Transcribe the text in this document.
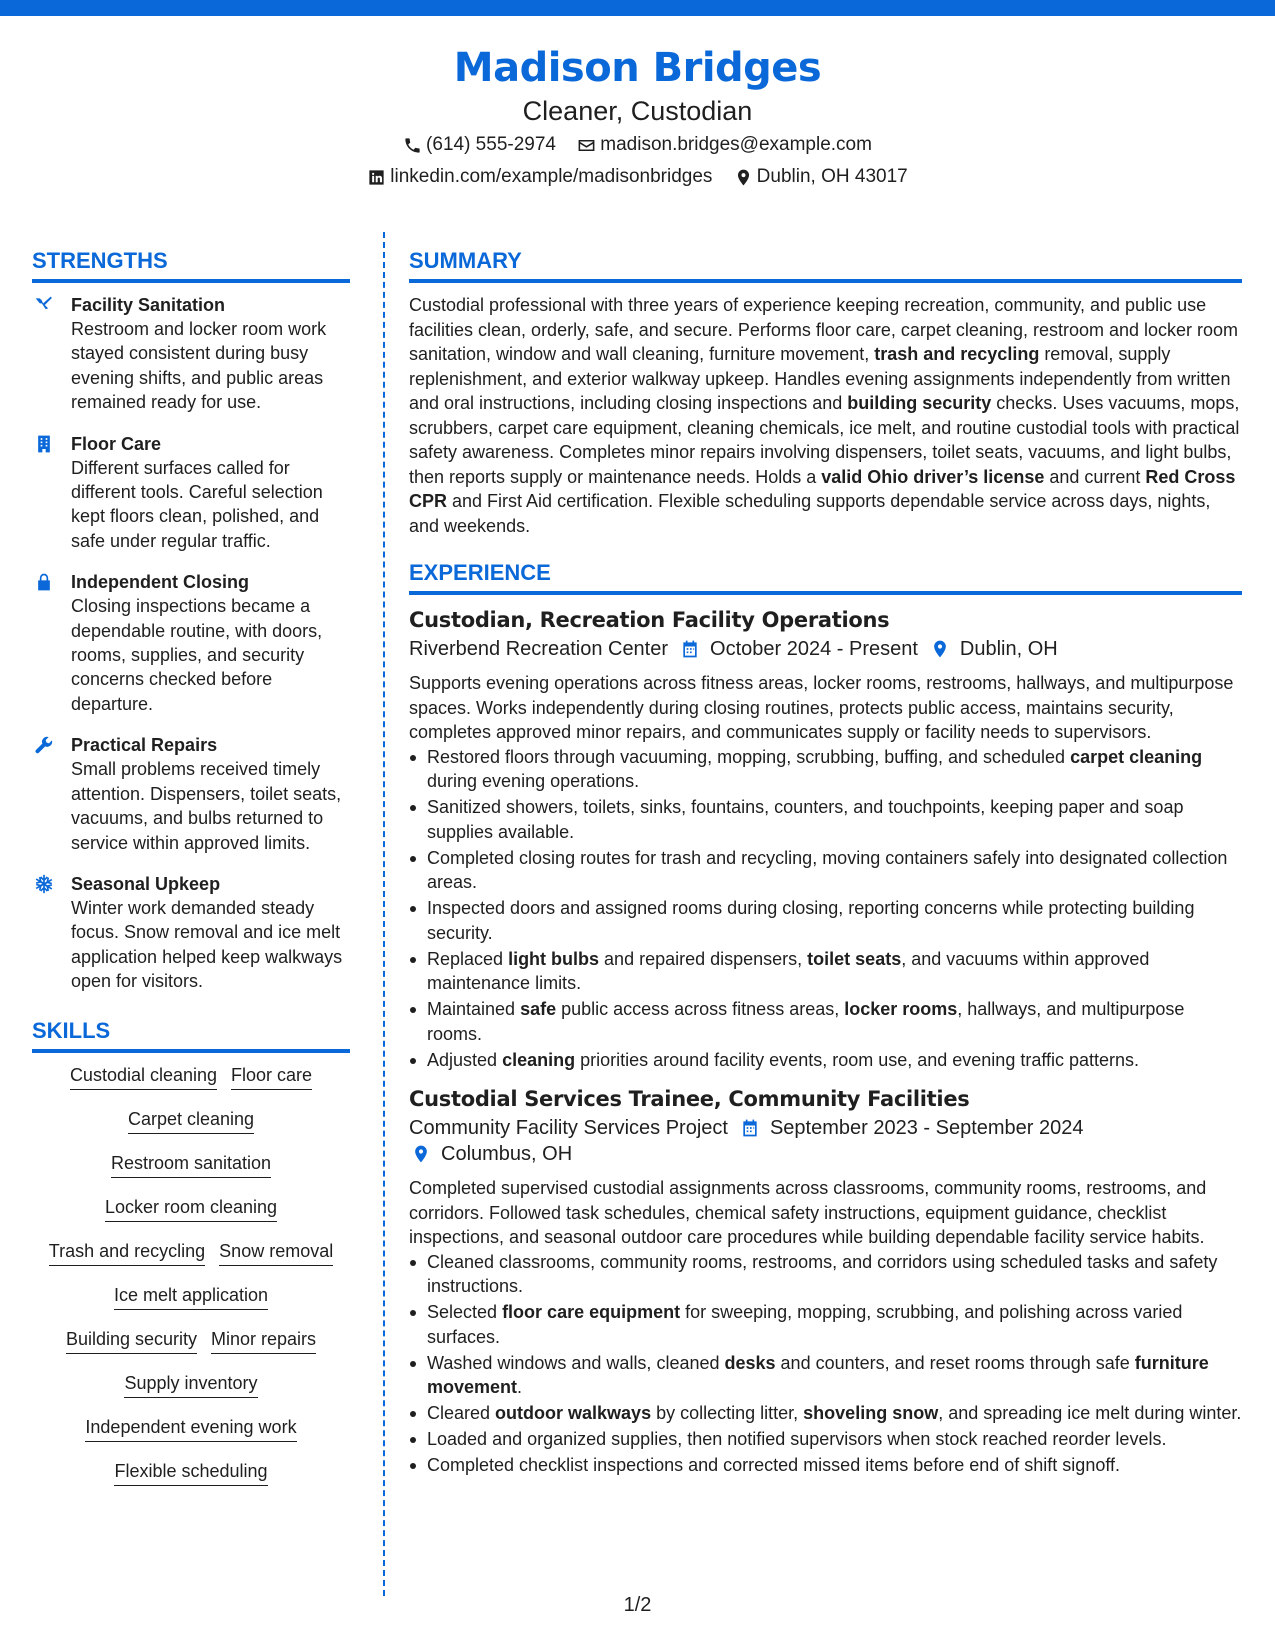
Madison Bridges
Cleaner, Custodian
(614) 555-2974
madison.bridges@example.com
linkedin.com/example/madisonbridges
Dublin, OH 43017
STRENGTHS
Facility Sanitation
Restroom and locker room work stayed consistent during busy evening shifts, and public areas remained ready for use.
Floor Care
Different surfaces called for different tools. Careful selection kept floors clean, polished, and safe under regular traffic.
Independent Closing
Closing inspections became a dependable routine, with doors, rooms, supplies, and security concerns checked before departure.
Practical Repairs
Small problems received timely attention. Dispensers, toilet seats, vacuums, and bulbs returned to service within approved limits.
Seasonal Upkeep
Winter work demanded steady focus. Snow removal and ice melt application helped keep walkways open for visitors.
SKILLS
Custodial cleaning Floor care
Carpet cleaning
Restroom sanitation
Locker room cleaning
Trash and recycling Snow removal
Ice melt application
Building security Minor repairs
Supply inventory
Independent evening work
Flexible scheduling
SUMMARY
Custodial professional with three years of experience keeping recreation, community, and public use facilities clean, orderly, safe, and secure. Performs floor care, carpet cleaning, restroom and locker room sanitation, window and wall cleaning, furniture movement, trash and recycling removal, supply replenishment, and exterior walkway upkeep. Handles evening assignments independently from written and oral instructions, including closing inspections and building security checks. Uses vacuums, mops, scrubbers, carpet care equipment, cleaning chemicals, ice melt, and routine custodial tools with practical safety awareness. Completes minor repairs involving dispensers, toilet seats, vacuums, and light bulbs, then reports supply or maintenance needs. Holds a valid Ohio driver’s license and current Red Cross CPR and First Aid certification. Flexible scheduling supports dependable service across days, nights, and weekends.
EXPERIENCE
Custodian, Recreation Facility Operations
Riverbend Recreation Center October 2024 - Present Dublin, OH
Supports evening operations across fitness areas, locker rooms, restrooms, hallways, and multipurpose spaces. Works independently during closing routines, protects public access, maintains security, completes approved minor repairs, and communicates supply or facility needs to supervisors.
Restored floors through vacuuming, mopping, scrubbing, buffing, and scheduled carpet cleaning during evening operations.
Sanitized showers, toilets, sinks, fountains, counters, and touchpoints, keeping paper and soap supplies available.
Completed closing routes for trash and recycling, moving containers safely into designated collection areas.
Inspected doors and assigned rooms during closing, reporting concerns while protecting building security.
Replaced light bulbs and repaired dispensers, toilet seats, and vacuums within approved maintenance limits.
Maintained safe public access across fitness areas, locker rooms, hallways, and multipurpose rooms.
Adjusted cleaning priorities around facility events, room use, and evening traffic patterns.
Custodial Services Trainee, Community Facilities
Community Facility Services Project September 2023 - September 2024
Columbus, OH
Completed supervised custodial assignments across classrooms, community rooms, restrooms, and corridors. Followed task schedules, chemical safety instructions, equipment guidance, checklist inspections, and seasonal outdoor care procedures while building dependable facility service habits.
Cleaned classrooms, community rooms, restrooms, and corridors using scheduled tasks and safety instructions.
Selected floor care equipment for sweeping, mopping, scrubbing, and polishing across varied surfaces.
Washed windows and walls, cleaned desks and counters, and reset rooms through safe furniture movement.
Cleared outdoor walkways by collecting litter, shoveling snow, and spreading ice melt during winter.
Loaded and organized supplies, then notified supervisors when stock reached reorder levels.
Completed checklist inspections and corrected missed items before end of shift signoff.
1/2
